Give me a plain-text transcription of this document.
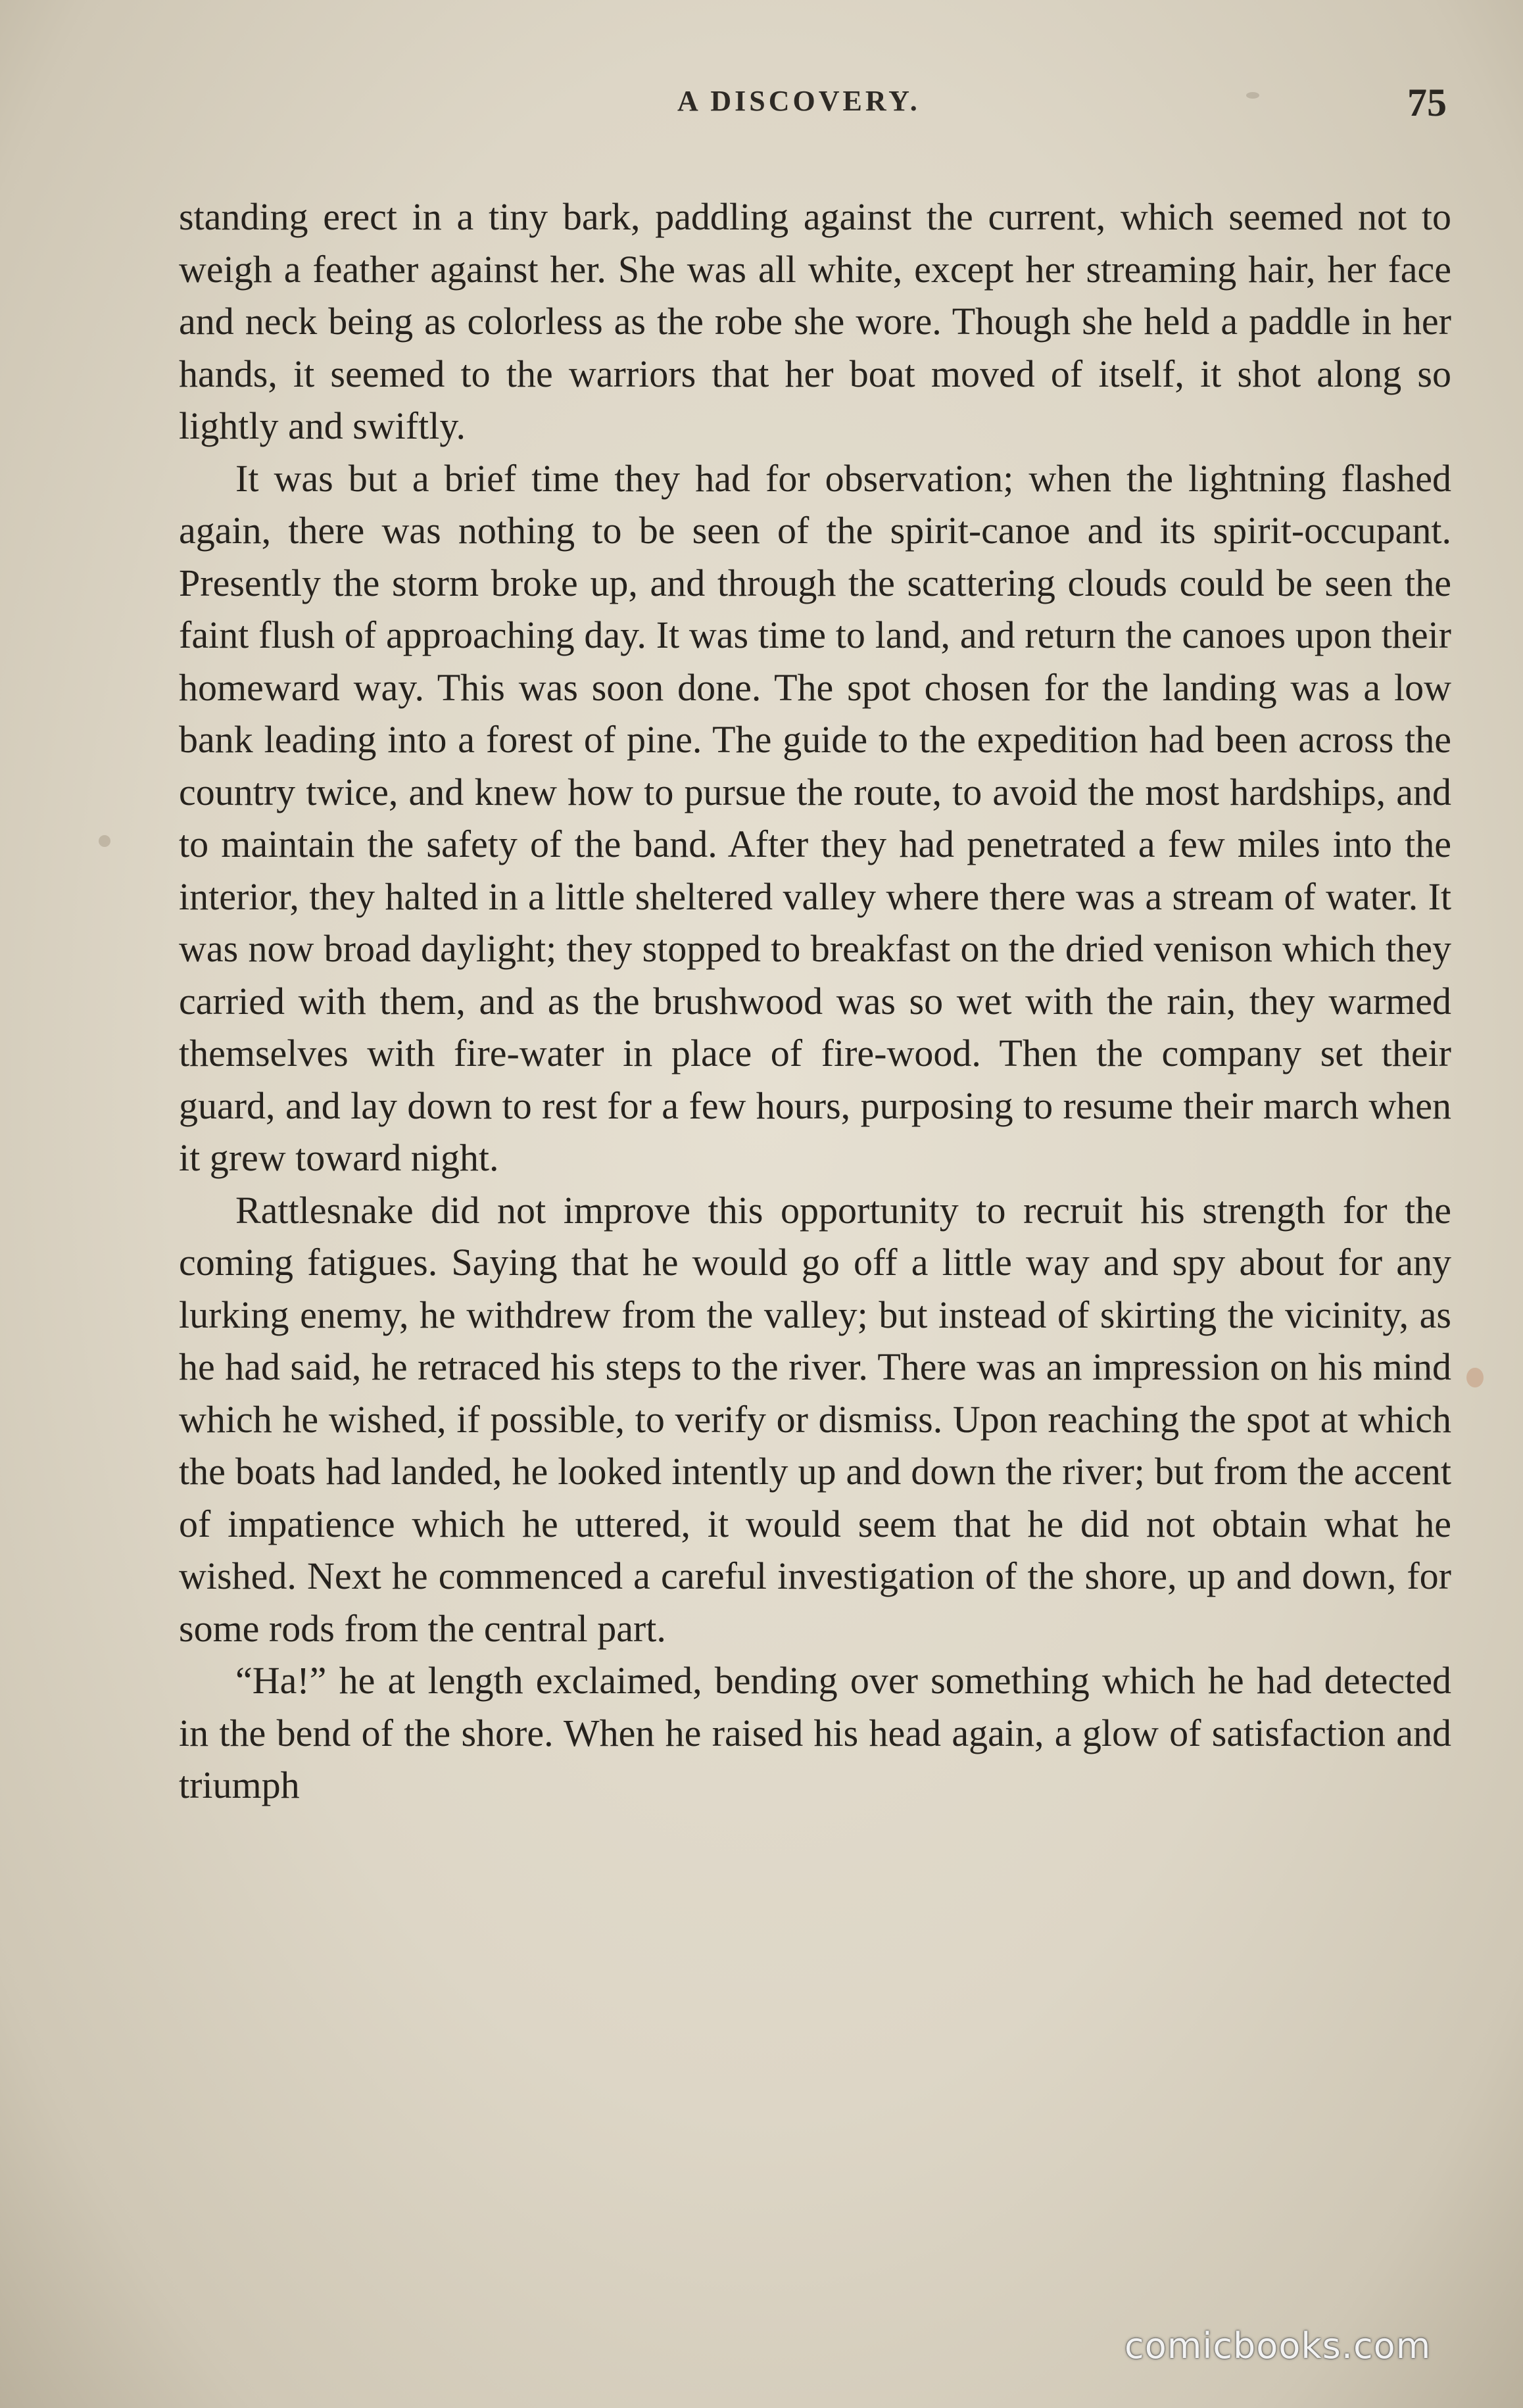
A DISCOVERY.	75

standing erect in a tiny bark, paddling against the current, which seemed not to weigh a feather against her. She was all white, except her streaming hair, her face and neck being as colorless as the robe she wore. Though she held a paddle in her hands, it seemed to the warriors that her boat moved of itself, it shot along so lightly and swiftly.

It was but a brief time they had for observation; when the lightning flashed again, there was nothing to be seen of the spirit-canoe and its spirit-occupant. Presently the storm broke up, and through the scattering clouds could be seen the faint flush of approaching day. It was time to land, and return the canoes upon their homeward way. This was soon done. The spot chosen for the landing was a low bank leading into a forest of pine. The guide to the expedition had been across the country twice, and knew how to pursue the route, to avoid the most hardships, and to maintain the safety of the band. After they had penetrated a few miles into the interior, they halted in a little sheltered valley where there was a stream of water. It was now broad daylight; they stopped to breakfast on the dried venison which they carried with them, and as the brushwood was so wet with the rain, they warmed themselves with fire-water in place of fire-wood. Then the company set their guard, and lay down to rest for a few hours, purposing to resume their march when it grew toward night.

Rattlesnake did not improve this opportunity to recruit his strength for the coming fatigues. Saying that he would go off a little way and spy about for any lurking enemy, he withdrew from the valley; but instead of skirting the vicinity, as he had said, he retraced his steps to the river. There was an impression on his mind which he wished, if possible, to verify or dismiss. Upon reaching the spot at which the boats had landed, he looked intently up and down the river; but from the accent of impatience which he uttered, it would seem that he did not obtain what he wished. Next he commenced a careful investigation of the shore, up and down, for some rods from the central part.

“Ha!” he at length exclaimed, bending over something which he had detected in the bend of the shore. When he raised his head again, a glow of satisfaction and triumph

comicbooks.com
